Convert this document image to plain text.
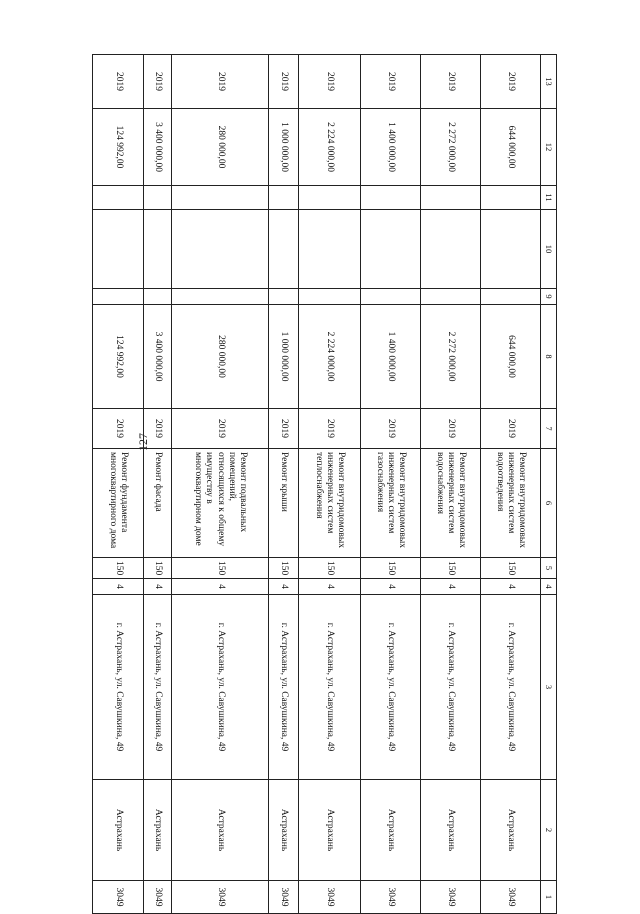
127
13	12	11	10	9	8	7	6	5	4	3	2	1
2019	644 000,00				644 000,00	2019	Ремонт внутридомовых инженерных систем водоотведения	150	4	г. Астрахань, ул. Савушкина, 49	Астрахань	3049
2019	2 272 000,00				2 272 000,00	2019	Ремонт внутридомовых инженерных систем водоснабжения	150	4	г. Астрахань, ул. Савушкина, 49	Астрахань	3049
2019	1 400 000,00				1 400 000,00	2019	Ремонт внутридомовых инженерных систем газоснабжения	150	4	г. Астрахань, ул. Савушкина, 49	Астрахань	3049
2019	2 224 000,00				2 224 000,00	2019	Ремонт внутридомовых инженерных систем теплоснабжения	150	4	г. Астрахань, ул. Савушкина, 49	Астрахань	3049
2019	1 000 000,00				1 000 000,00	2019	Ремонт крыши	150	4	г. Астрахань, ул. Савушкина, 49	Астрахань	3049
2019	280 000,00				280 000,00	2019	Ремонт подвальных помещений, относящихся к общему имуществу в многоквартирном доме	150	4	г. Астрахань, ул. Савушкина, 49	Астрахань	3049
2019	3 400 000,00				3 400 000,00	2019	Ремонт фасада	150	4	г. Астрахань, ул. Савушкина, 49	Астрахань	3049
2019	124 992,00				124 992,00	2019	Ремонт фундамента многоквартирного дома	150	4	г. Астрахань, ул. Савушкина, 49	Астрахань	3049
